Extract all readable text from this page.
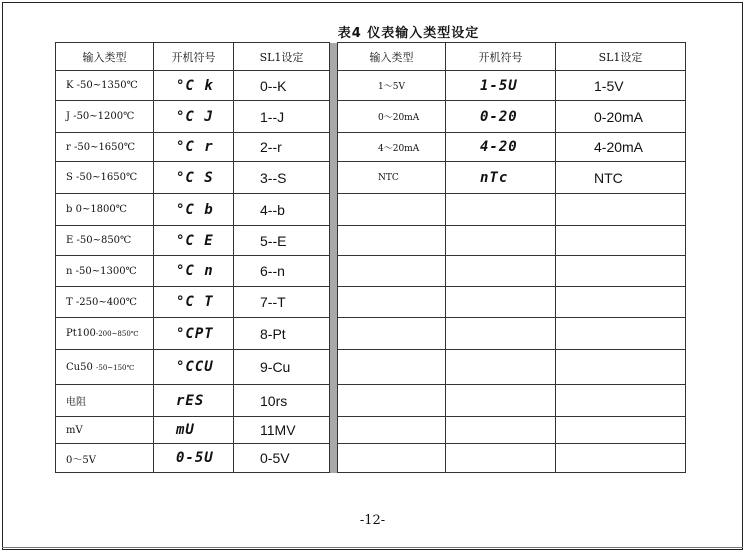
表4 仪表输入类型设定
输入类型	开机符号	SL1设定		输入类型	开机符号	SL1设定
K -50~1350℃	°C k	0--K		1～5V	1-5U	1-5V
J -50~1200℃	°C J	1--J		0～20mA	0-20	0-20mA
r -50~1650℃	°C r	2--r		4～20mA	4-20	4-20mA
S -50~1650℃	°C S	3--S		NTC	nTc	NTC
b 0~1800℃	°C b	4--b				
E -50~850℃	°C E	5--E				
n -50~1300℃	°C n	6--n				
T -250~400℃	°C T	7--T				
Pt100-200~850℃	°CPT	8-Pt				
Cu50 -50~150℃	°CCU	9-Cu				
电阻	rES	10rs				
mV	mU	11MV				
0～5V	0-5U	0-5V				
-12-
